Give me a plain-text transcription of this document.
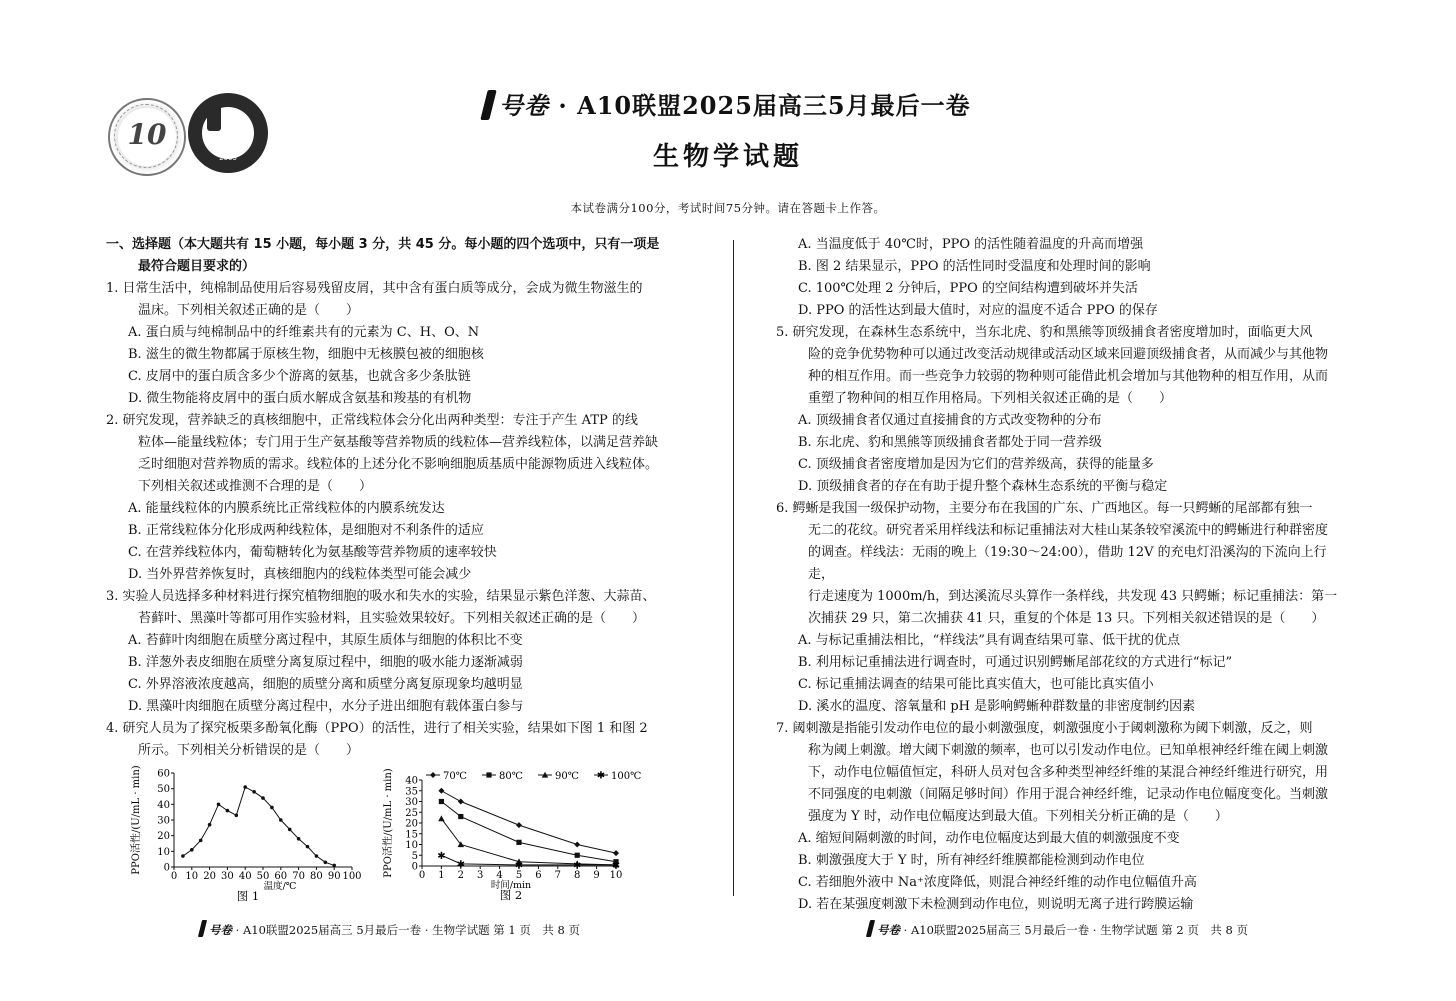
10
2005
号卷 · A10联盟2025届高三5月最后一卷
生物学试题
本试卷满分100分，考试时间75分钟。请在答题卡上作答。
一、选择题（本大题共有 15 小题，每小题 3 分，共 45 分。每小题的四个选项中，只有一项是
最符合题目要求的）
1. 日常生活中，纯棉制品使用后容易残留皮屑，其中含有蛋白质等成分，会成为微生物滋生的
温床。下列相关叙述正确的是（　　）
A. 蛋白质与纯棉制品中的纤维素共有的元素为 C、H、O、N
B. 滋生的微生物都属于原核生物，细胞中无核膜包被的细胞核
C. 皮屑中的蛋白质含多少个游离的氨基，也就含多少条肽链
D. 微生物能将皮屑中的蛋白质水解成含氨基和羧基的有机物
2. 研究发现，营养缺乏的真核细胞中，正常线粒体会分化出两种类型：专注于产生 ATP 的线
粒体—能量线粒体；专门用于生产氨基酸等营养物质的线粒体—营养线粒体，以满足营养缺
乏时细胞对营养物质的需求。线粒体的上述分化不影响细胞质基质中能源物质进入线粒体。
下列相关叙述或推测不合理的是（　　）
A. 能量线粒体的内膜系统比正常线粒体的内膜系统发达
B. 正常线粒体分化形成两种线粒体，是细胞对不利条件的适应
C. 在营养线粒体内，葡萄糖转化为氨基酸等营养物质的速率较快
D. 当外界营养恢复时，真核细胞内的线粒体类型可能会减少
3. 实验人员选择多种材料进行探究植物细胞的吸水和失水的实验，结果显示紫色洋葱、大蒜苗、
苔藓叶、黑藻叶等都可用作实验材料，且实验效果较好。下列相关叙述正确的是（　　）
A. 苔藓叶肉细胞在质壁分离过程中，其原生质体与细胞的体积比不变
B. 洋葱外表皮细胞在质壁分离复原过程中，细胞的吸水能力逐渐减弱
C. 外界溶液浓度越高，细胞的质壁分离和质壁分离复原现象均越明显
D. 黑藻叶肉细胞在质壁分离过程中，水分子进出细胞有载体蛋白参与
4. 研究人员为了探究板栗多酚氧化酶（PPO）的活性，进行了相关实验，结果如下图 1 和图 2
所示。下列相关分析错误的是（　　）
0 10 20 30 40 50 60 70 80 90 100
0
10
20
30
40
50
60
PPO活性/(U/mL · min)
温度/℃
图 1
0 1 2 3 4 5 6 7 8 9 10
0
5
10
15
20
25
30
35
40
PPO活性/(U/mL · min)
时间/min
图 2
✱
✱	✱	✱	✱
70℃	80℃	90℃ ✱ 100℃
A. 当温度低于 40℃时，PPO 的活性随着温度的升高而增强
B. 图 2 结果显示，PPO 的活性同时受温度和处理时间的影响
C. 100℃处理 2 分钟后，PPO 的空间结构遭到破坏并失活
D. PPO 的活性达到最大值时，对应的温度不适合 PPO 的保存
5. 研究发现，在森林生态系统中，当东北虎、豹和黑熊等顶级捕食者密度增加时，面临更大风
险的竞争优势物种可以通过改变活动规律或活动区域来回避顶级捕食者，从而减少与其他物
种的相互作用。而一些竞争力较弱的物种则可能借此机会增加与其他物种的相互作用，从而
重塑了物种间的相互作用格局。下列相关叙述正确的是（　　）
A. 顶级捕食者仅通过直接捕食的方式改变物种的分布
B. 东北虎、豹和黑熊等顶级捕食者都处于同一营养级
C. 顶级捕食者密度增加是因为它们的营养级高，获得的能量多
D. 顶级捕食者的存在有助于提升整个森林生态系统的平衡与稳定
6. 鳄蜥是我国一级保护动物，主要分布在我国的广东、广西地区。每一只鳄蜥的尾部都有独一
无二的花纹。研究者采用样线法和标记重捕法对大桂山某条较窄溪流中的鳄蜥进行种群密度
的调查。样线法：无雨的晚上（19:30～24:00），借助 12V 的充电灯沿溪沟的下流向上行走，
行走速度为 1000m/h，到达溪流尽头算作一条样线，共发现 43 只鳄蜥；标记重捕法：第一
次捕获 29 只，第二次捕获 41 只，重复的个体是 13 只。下列相关叙述错误的是（　　）
A. 与标记重捕法相比，“样线法”具有调查结果可靠、低干扰的优点
B. 利用标记重捕法进行调查时，可通过识别鳄蜥尾部花纹的方式进行“标记”
C. 标记重捕法调查的结果可能比真实值大，也可能比真实值小
D. 溪水的温度、溶氧量和 pH 是影响鳄蜥种群数量的非密度制约因素
7. 阈刺激是指能引发动作电位的最小刺激强度，刺激强度小于阈刺激称为阈下刺激，反之，则
称为阈上刺激。增大阈下刺激的频率，也可以引发动作电位。已知单根神经纤维在阈上刺激
下，动作电位幅值恒定，科研人员对包含多种类型神经纤维的某混合神经纤维进行研究，用
不同强度的电刺激（间隔足够时间）作用于混合神经纤维，记录动作电位幅度变化。当刺激
强度为 Y 时，动作电位幅度达到最大值。下列相关分析正确的是（　　）
A. 缩短间隔刺激的时间，动作电位幅度达到最大值的刺激强度不变
B. 刺激强度大于 Y 时，所有神经纤维膜都能检测到动作电位
C. 若细胞外液中 Na⁺浓度降低，则混合神经纤维的动作电位幅值升高
D. 若在某强度刺激下未检测到动作电位，则说明无离子进行跨膜运输
号卷 · A10联盟2025届高三 5月最后一卷 · 生物学试题 第 1 页　共 8 页	号卷 · A10联盟2025届高三 5月最后一卷 · 生物学试题 第 2 页　共 8 页
